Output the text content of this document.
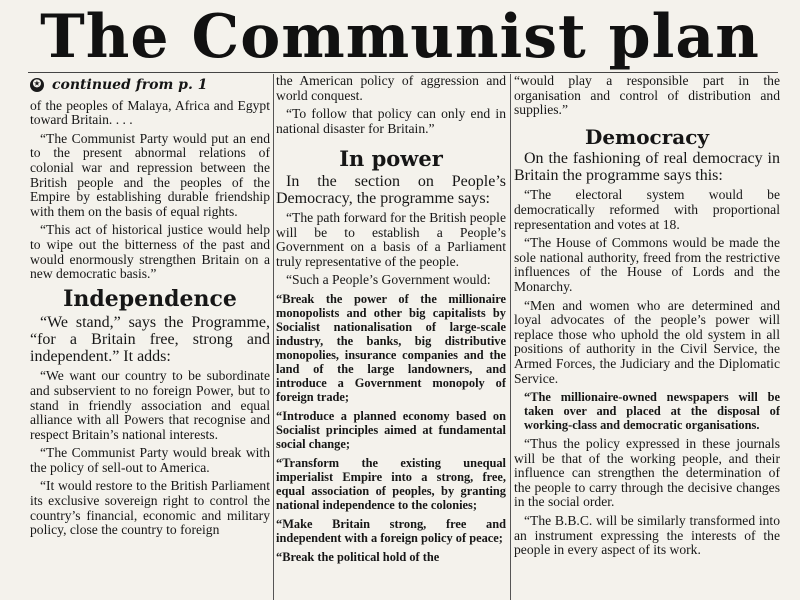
The Communist plan
✪ continued from p. 1

of the peoples of Malaya, Africa and Egypt toward Britain. . . .

“The Communist Party would put an end to the present abnormal relations of colonial war and repression between the British people and the peoples of the Empire by establishing durable friendship with them on the basis of equal rights.

“This act of historical justice would help to wipe out the bitterness of the past and would enormously strengthen Britain on a new democratic basis.”

Independence

“We stand,” says the Programme, “for a Britain free, strong and independent.” It adds:

“We want our country to be subordinate and subservient to no foreign Power, but to stand in friendly association and equal alliance with all Powers that recognise and respect Britain’s national interests.

“The Communist Party would break with the policy of sell-out to America.

“It would restore to the British Parliament its exclusive sovereign right to control the country’s financial, economic and military policy, close the country to foreign

the American policy of aggression and world conquest.

“To follow that policy can only end in national disaster for Britain.”

In power

In the section on People’s Democracy, the programme says:

“The path forward for the British people will be to establish a People’s Government on a basis of a Parliament truly representative of the people.

“Such a People’s Government would:

“Break the power of the millionaire monopolists and other big capitalists by Socialist nationalisation of large-scale industry, the banks, big distributive monopolies, insurance companies and the land of the large landowners, and introduce a Government monopoly of foreign trade;

“Introduce a planned economy based on Socialist principles aimed at fundamental social change;

“Transform the existing unequal imperialist Empire into a strong, free, equal association of peoples, by granting national independence to the colonies;

“Make Britain strong, free and independent with a foreign policy of peace;

“Break the political hold of the

“would play a responsible part in the organisation and control of distribution and supplies.”

Democracy

On the fashioning of real democracy in Britain the programme says this:

“The electoral system would be democratically reformed with proportional representation and votes at 18.

“The House of Commons would be made the sole national authority, freed from the restrictive influences of the House of Lords and the Monarchy.

“Men and women who are determined and loyal advocates of the people’s power will replace those who uphold the old system in all positions of authority in the Civil Service, the Armed Forces, the Judiciary and the Diplomatic Service.

“The millionaire-owned newspapers will be taken over and placed at the disposal of working-class and democratic organisations.

“Thus the policy expressed in these journals will be that of the working people, and their influence can strengthen the determination of the people to carry through the decisive changes in the social order.

“The B.B.C. will be similarly transformed into an instrument expressing the interests of the people in every aspect of its work.
